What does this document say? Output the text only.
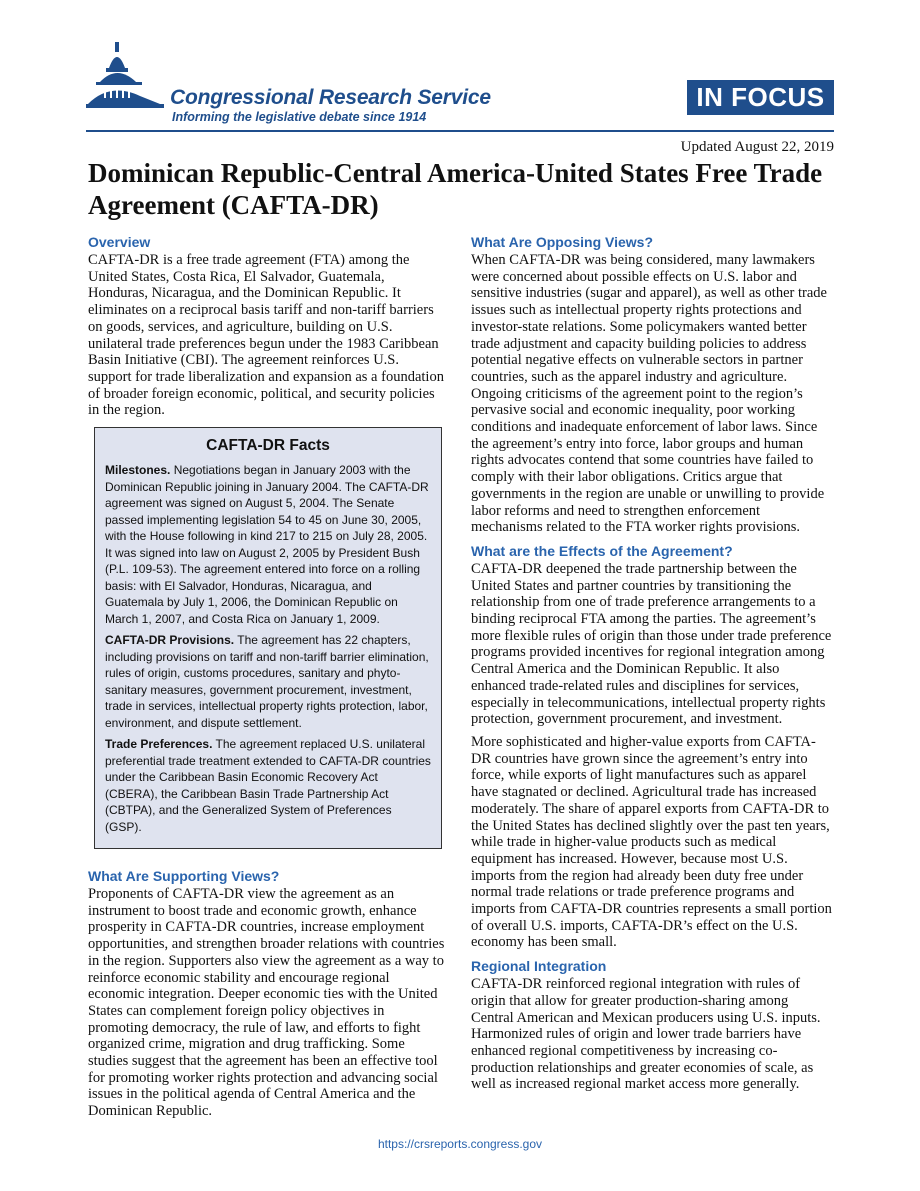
Congressional Research Service
Informing the legislative debate since 1914
IN FOCUS
Updated August 22, 2019
Dominican Republic-Central America-United States Free Trade Agreement (CAFTA-DR)
Overview

CAFTA-DR is a free trade agreement (FTA) among the United States, Costa Rica, El Salvador, Guatemala, Honduras, Nicaragua, and the Dominican Republic. It eliminates on a reciprocal basis tariff and non-tariff barriers on goods, services, and agriculture, building on U.S. unilateral trade preferences begun under the 1983 Caribbean Basin Initiative (CBI). The agreement reinforces U.S. support for trade liberalization and expansion as a foundation of broader foreign economic, political, and security policies in the region.

CAFTA-DR Facts

Milestones. Negotiations began in January 2003 with the Dominican Republic joining in January 2004. The CAFTA-DR agreement was signed on August 5, 2004. The Senate passed implementing legislation 54 to 45 on June 30, 2005, with the House following in kind 217 to 215 on July 28, 2005. It was signed into law on August 2, 2005 by President Bush (P.L. 109-53). The agreement entered into force on a rolling basis: with El Salvador, Honduras, Nicaragua, and Guatemala by July 1, 2006, the Dominican Republic on March 1, 2007, and Costa Rica on January 1, 2009.

CAFTA-DR Provisions. The agreement has 22 chapters, including provisions on tariff and non-tariff barrier elimination, rules of origin, customs procedures, sanitary and phyto-sanitary measures, government procurement, investment, trade in services, intellectual property rights protection, labor, environment, and dispute settlement.

Trade Preferences. The agreement replaced U.S. unilateral preferential trade treatment extended to CAFTA-DR countries under the Caribbean Basin Economic Recovery Act (CBERA), the Caribbean Basin Trade Partnership Act (CBTPA), and the Generalized System of Preferences (GSP).

What Are Supporting Views?

Proponents of CAFTA-DR view the agreement as an instrument to boost trade and economic growth, enhance prosperity in CAFTA-DR countries, increase employment opportunities, and strengthen broader relations with countries in the region. Supporters also view the agreement as a way to reinforce economic stability and encourage regional economic integration. Deeper economic ties with the United States can complement foreign policy objectives in promoting democracy, the rule of law, and efforts to fight organized crime, migration and drug trafficking. Some studies suggest that the agreement has been an effective tool for promoting worker rights protection and advancing social issues in the political agenda of Central America and the Dominican Republic.

What Are Opposing Views?

When CAFTA-DR was being considered, many lawmakers were concerned about possible effects on U.S. labor and sensitive industries (sugar and apparel), as well as other trade issues such as intellectual property rights protections and investor-state relations. Some policymakers wanted better trade adjustment and capacity building policies to address potential negative effects on vulnerable sectors in partner countries, such as the apparel industry and agriculture. Ongoing criticisms of the agreement point to the region’s pervasive social and economic inequality, poor working conditions and inadequate enforcement of labor laws. Since the agreement’s entry into force, labor groups and human rights advocates contend that some countries have failed to comply with their labor obligations. Critics argue that governments in the region are unable or unwilling to provide labor reforms and need to strengthen enforcement mechanisms related to the FTA worker rights provisions.

What are the Effects of the Agreement?

CAFTA-DR deepened the trade partnership between the United States and partner countries by transitioning the relationship from one of trade preference arrangements to a binding reciprocal FTA among the parties. The agreement’s more flexible rules of origin than those under trade preference programs provided incentives for regional integration among Central America and the Dominican Republic. It also enhanced trade-related rules and disciplines for services, especially in telecommunications, intellectual property rights protection, government procurement, and investment.

More sophisticated and higher-value exports from CAFTA-DR countries have grown since the agreement’s entry into force, while exports of light manufactures such as apparel have stagnated or declined. Agricultural trade has increased moderately. The share of apparel exports from CAFTA-DR to the United States has declined slightly over the past ten years, while trade in higher-value products such as medical equipment has increased. However, because most U.S. imports from the region had already been duty free under normal trade relations or trade preference programs and imports from CAFTA-DR countries represents a small portion of overall U.S. imports, CAFTA-DR’s effect on the U.S. economy has been small.

Regional Integration

CAFTA-DR reinforced regional integration with rules of origin that allow for greater production-sharing among Central American and Mexican producers using U.S. inputs. Harmonized rules of origin and lower trade barriers have enhanced regional competitiveness by increasing co-production relationships and greater economies of scale, as well as increased regional market access more generally.

https://crsreports.congress.gov
